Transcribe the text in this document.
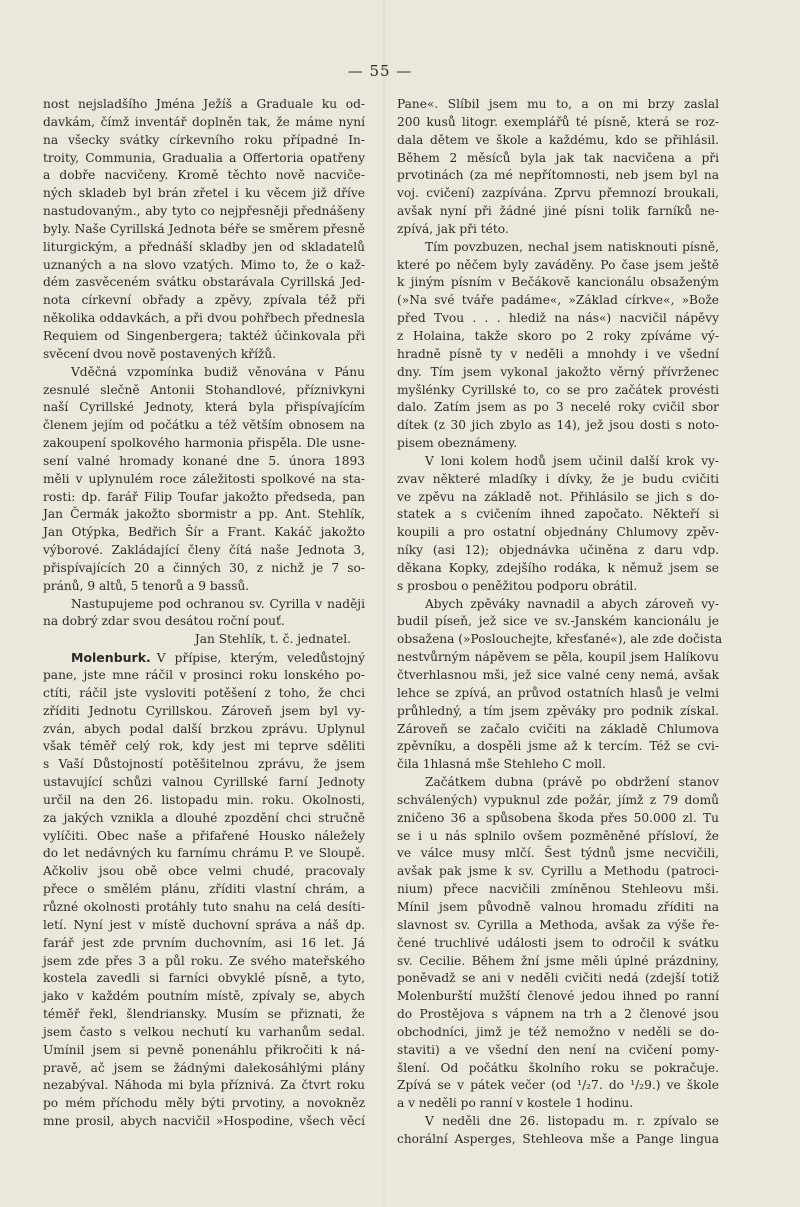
— 55 —
nost nejsladšího Jména Ježíš a Graduale ku od-
davkám, čímž inventář doplněn tak, že máme nyní
na všecky svátky církevního roku případné In-
troity, Communia, Gradualia a Offertoria opatřeny
a dobře nacvičeny. Kromě těchto nově nacviče-
ných skladeb byl brán zřetel i ku věcem již dříve
nastudovaným., aby tyto co nejpřesněji přednášeny
byly. Naše Cyrillská Jednota béře se směrem přesně
liturgickým, a přednáší skladby jen od skladatelů
uznaných a na slovo vzatých. Mimo to, že o kaž-
dém zasvěceném svátku obstarávala Cyrillská Jed-
nota církevní obřady a zpěvy, zpívala též při
několika oddavkách, a při dvou pohřbech přednesla
Requiem od Singenbergera; taktéž účinkovala při
svěcení dvou nově postavených křížů.
Vděčná vzpomínka budiž věnována v Pánu
zesnulé slečně Antonii Stohandlové, příznivkyni
naší Cyrillské Jednoty, která byla přispívajícím
členem jejím od počátku a též větším obnosem na
zakoupení spolkového harmonia přispěla. Dle usne-
sení valné hromady konané dne 5. února 1893
měli v uplynulém roce záležitosti spolkové na sta-
rosti: dp. farář Filip Toufar jakožto předseda, pan
Jan Čermák jakožto sbormistr a pp. Ant. Stehlík,
Jan Otýpka, Bedřich Šír a Frant. Kakáč jakožto
výborové. Zakládající členy čítá naše Jednota 3,
přispívajících 20 a činných 30, z nichž je 7 so-
pránů, 9 altů, 5 tenorů a 9 bassů.
Nastupujeme pod ochranou sv. Cyrilla v naději
na dobrý zdar svou desátou roční pouť.
Jan Stehlík, t. č. jednatel.
Molenburk. V přípise, kterým, veledůstojný
pane, jste mne ráčil v prosinci roku lonského po-
ctíti, ráčil jste vysloviti potěšení z toho, že chci
zříditi Jednotu Cyrillskou. Zároveň jsem byl vy-
zván, abych podal další brzkou zprávu. Uplynul
však téměř celý rok, kdy jest mi teprve sděliti
s Vaší Důstojností potěšitelnou zprávu, že jsem
ustavující schůzi valnou Cyrillské farní Jednoty
určil na den 26. listopadu min. roku. Okolnosti,
za jakých vznikla a dlouhé zpozdění chci stručně
vylíčiti. Obec naše a přifařené Housko náležely
do let nedávných ku farnímu chrámu P. ve Sloupě.
Ačkoliv jsou obě obce velmi chudé, pracovaly
přece o smělém plánu, zříditi vlastní chrám, a
různé okolnosti protáhly tuto snahu na celá desíti-
letí. Nyní jest v místě duchovní správa a náš dp.
farář jest zde prvním duchovním, asi 16 let. Já
jsem zde přes 3 a půl roku. Ze svého mateřského
kostela zavedli si farníci obvyklé písně, a tyto,
jako v každém poutním místě, zpívaly se, abych
téměř řekl, šlendriansky. Musím se přiznati, že
jsem často s velkou nechutí ku varhanům sedal.
Umínil jsem si pevně ponenáhlu přikročiti k ná-
pravě, ač jsem se žádnými dalekosáhlými plány
nezabýval. Náhoda mi byla příznivá. Za čtvrt roku
po mém příchodu měly býti prvotiny, a novokněz
mne prosil, abych nacvičil »Hospodine, všech věcí
Pane«. Slíbil jsem mu to, a on mi brzy zaslal
200 kusů litogr. exemplářů té písně, která se roz-
dala dětem ve škole a každému, kdo se přihlásil.
Během 2 měsíců byla jak tak nacvičena a při
prvotinách (za mé nepřítomnosti, neb jsem byl na
voj. cvičení) zazpívána. Zprvu přemnozí broukali,
avšak nyní při žádné jiné písni tolik farníků ne-
zpívá, jak při této.
Tím povzbuzen, nechal jsem natisknouti písně,
které po něčem byly zaváděny. Po čase jsem ještě
k jiným písním v Bečákově kancionálu obsaženým
(»Na své tváře padáme«, »Základ církve«, »Bože
před Tvou . . . hlediž na nás«) nacvičil nápěvy
z Holaina, takže skoro po 2 roky zpíváme vý-
hradně písně ty v neděli a mnohdy i ve všední
dny. Tím jsem vykonal jakožto věrný přívrženec
myšlénky Cyrillské to, co se pro začátek provésti
dalo. Zatím jsem as po 3 necelé roky cvičil sbor
dítek (z 30 jich zbylo as 14), jež jsou dosti s noto-
pisem obeznámeny.
V loni kolem hodů jsem učinil další krok vy-
zvav některé mladíky i dívky, že je budu cvičiti
ve zpěvu na základě not. Přihlásilo se jich s do-
statek a s cvičením ihned započato. Někteří si
koupili a pro ostatní objednány Chlumovy zpěv-
níky (asi 12); objednávka učiněna z daru vdp.
děkana Kopky, zdejšího rodáka, k němuž jsem se
s prosbou o peněžitou podporu obrátil.
Abych zpěváky navnadil a abych zároveň vy-
budil píseň, jež sice ve sv.-Janském kancionálu je
obsažena (»Poslouchejte, křesťané«), ale zde dočista
nestvůrným nápěvem se pěla, koupil jsem Halíkovu
čtverhlasnou mši, jež sice valné ceny nemá, avšak
lehce se zpívá, an průvod ostatních hlasů je velmi
průhledný, a tím jsem zpěváky pro podnik získal.
Zároveň se začalo cvičiti na základě Chlumova
zpěvníku, a dospěli jsme až k tercím. Též se cvi-
čila 1hlasná mše Stehleho C moll.
Začátkem dubna (právě po obdržení stanov
schválených) vypuknul zde požár, jímž z 79 domů
zničeno 36 a spůsobena škoda přes 50.000 zl. Tu
se i u nás splnilo ovšem pozměněné přísloví, že
ve válce musy mlčí. Šest týdnů jsme necvičili,
avšak pak jsme k sv. Cyrillu a Methodu (patroci-
nium) přece nacvičili zmíněnou Stehleovu mši.
Mínil jsem původně valnou hromadu zříditi na
slavnost sv. Cyrilla a Methoda, avšak za výše ře-
čené truchlivé události jsem to odročil k svátku
sv. Cecilie. Během žní jsme měli úplné prázdniny,
poněvadž se ani v neděli cvičiti nedá (zdejší totiž
Molenburští mužští členové jedou ihned po ranní
do Prostějova s vápnem na trh a 2 členové jsou
obchodníci, jimž je též nemožno v neděli se do-
staviti) a ve všední den není na cvičení pomy-
šlení. Od počátku školního roku se pokračuje.
Zpívá se v pátek večer (od ¹/₂7. do ¹/₂9.) ve škole
a v neděli po ranní v kostele 1 hodinu.
V neděli dne 26. listopadu m. r. zpívalo se
chorální Asperges, Stehleova mše a Pange lingua
